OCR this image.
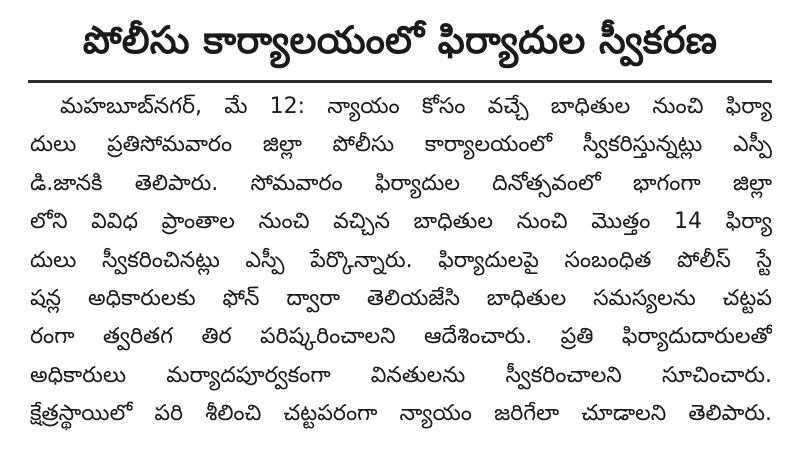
పోలీసు కార్యాలయంలో ఫిర్యాదుల స్వీకరణ
మహబూబ్‌నగర్, మే 12: న్యాయం కోసం వచ్చే బాధితుల నుంచి ఫిర్యా
దులు ప్రతిసోమవారం జిల్లా పోలీసు కార్యాలయంలో స్వీకరిస్తున్నట్లు ఎస్పీ
డి.జానకి తెలిపారు. సోమవారం ఫిర్యాదుల దినోత్సవంలో భాగంగా జిల్లా
లోని వివిధ ప్రాంతాల నుంచి వచ్చిన బాధితుల నుంచి మొత్తం 14 ఫిర్యా
దులు స్వీకరించినట్లు ఎస్పీ పేర్కొన్నారు. ఫిర్యాదులపై సంబంధిత పోలీస్ స్టే
షన్ల అధికారులకు ఫోన్ ద్వారా తెలియజేసి బాధితుల సమస్యలను చట్టప
రంగా త్వరితగ తిర పరిష్కరించాలని ఆదేశించారు. ప్రతి ఫిర్యాదుదారులతో
అధికారులు మర్యాదపూర్వకంగా వినతులను స్వీకరించాలని సూచించారు.
క్షేత్రస్థాయిలో పరి శీలించి చట్టపరంగా న్యాయం జరిగేలా చూడాలని తెలిపారు.
